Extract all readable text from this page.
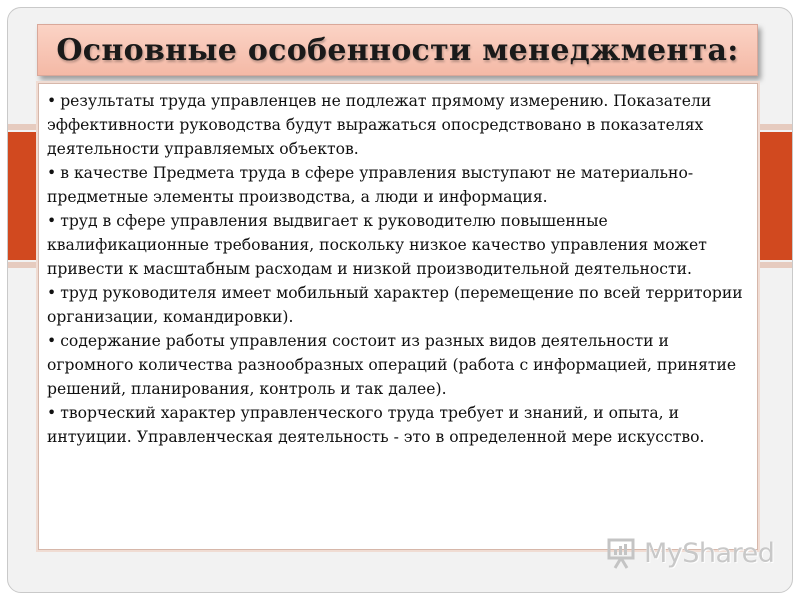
Основные особенности менеджмента:
• результаты труда управленцев не подлежат прямому измерению. Показатели эффективности руководства будут выражаться опосредствовано в показателях деятельности управляемых объектов.
• в качестве Предмета труда в сфере управления выступают не материально-предметные элементы производства, а люди и информация.
• труд в сфере управления выдвигает к руководителю повышенные квалификационные требования, поскольку низкое качество управления может привести к масштабным расходам и низкой производительной деятельности.
• труд руководителя имеет мобильный характер (перемещение по всей территории организации, командировки).
• содержание работы управления состоит из разных видов деятельности и огромного количества разнообразных операций (работа с информацией, принятие решений, планирования, контроль и так далее).
• творческий характер управленческого труда требует и знаний, и опыта, и интуиции. Управленческая деятельность - это в определенной мере искусство.
MyShared
